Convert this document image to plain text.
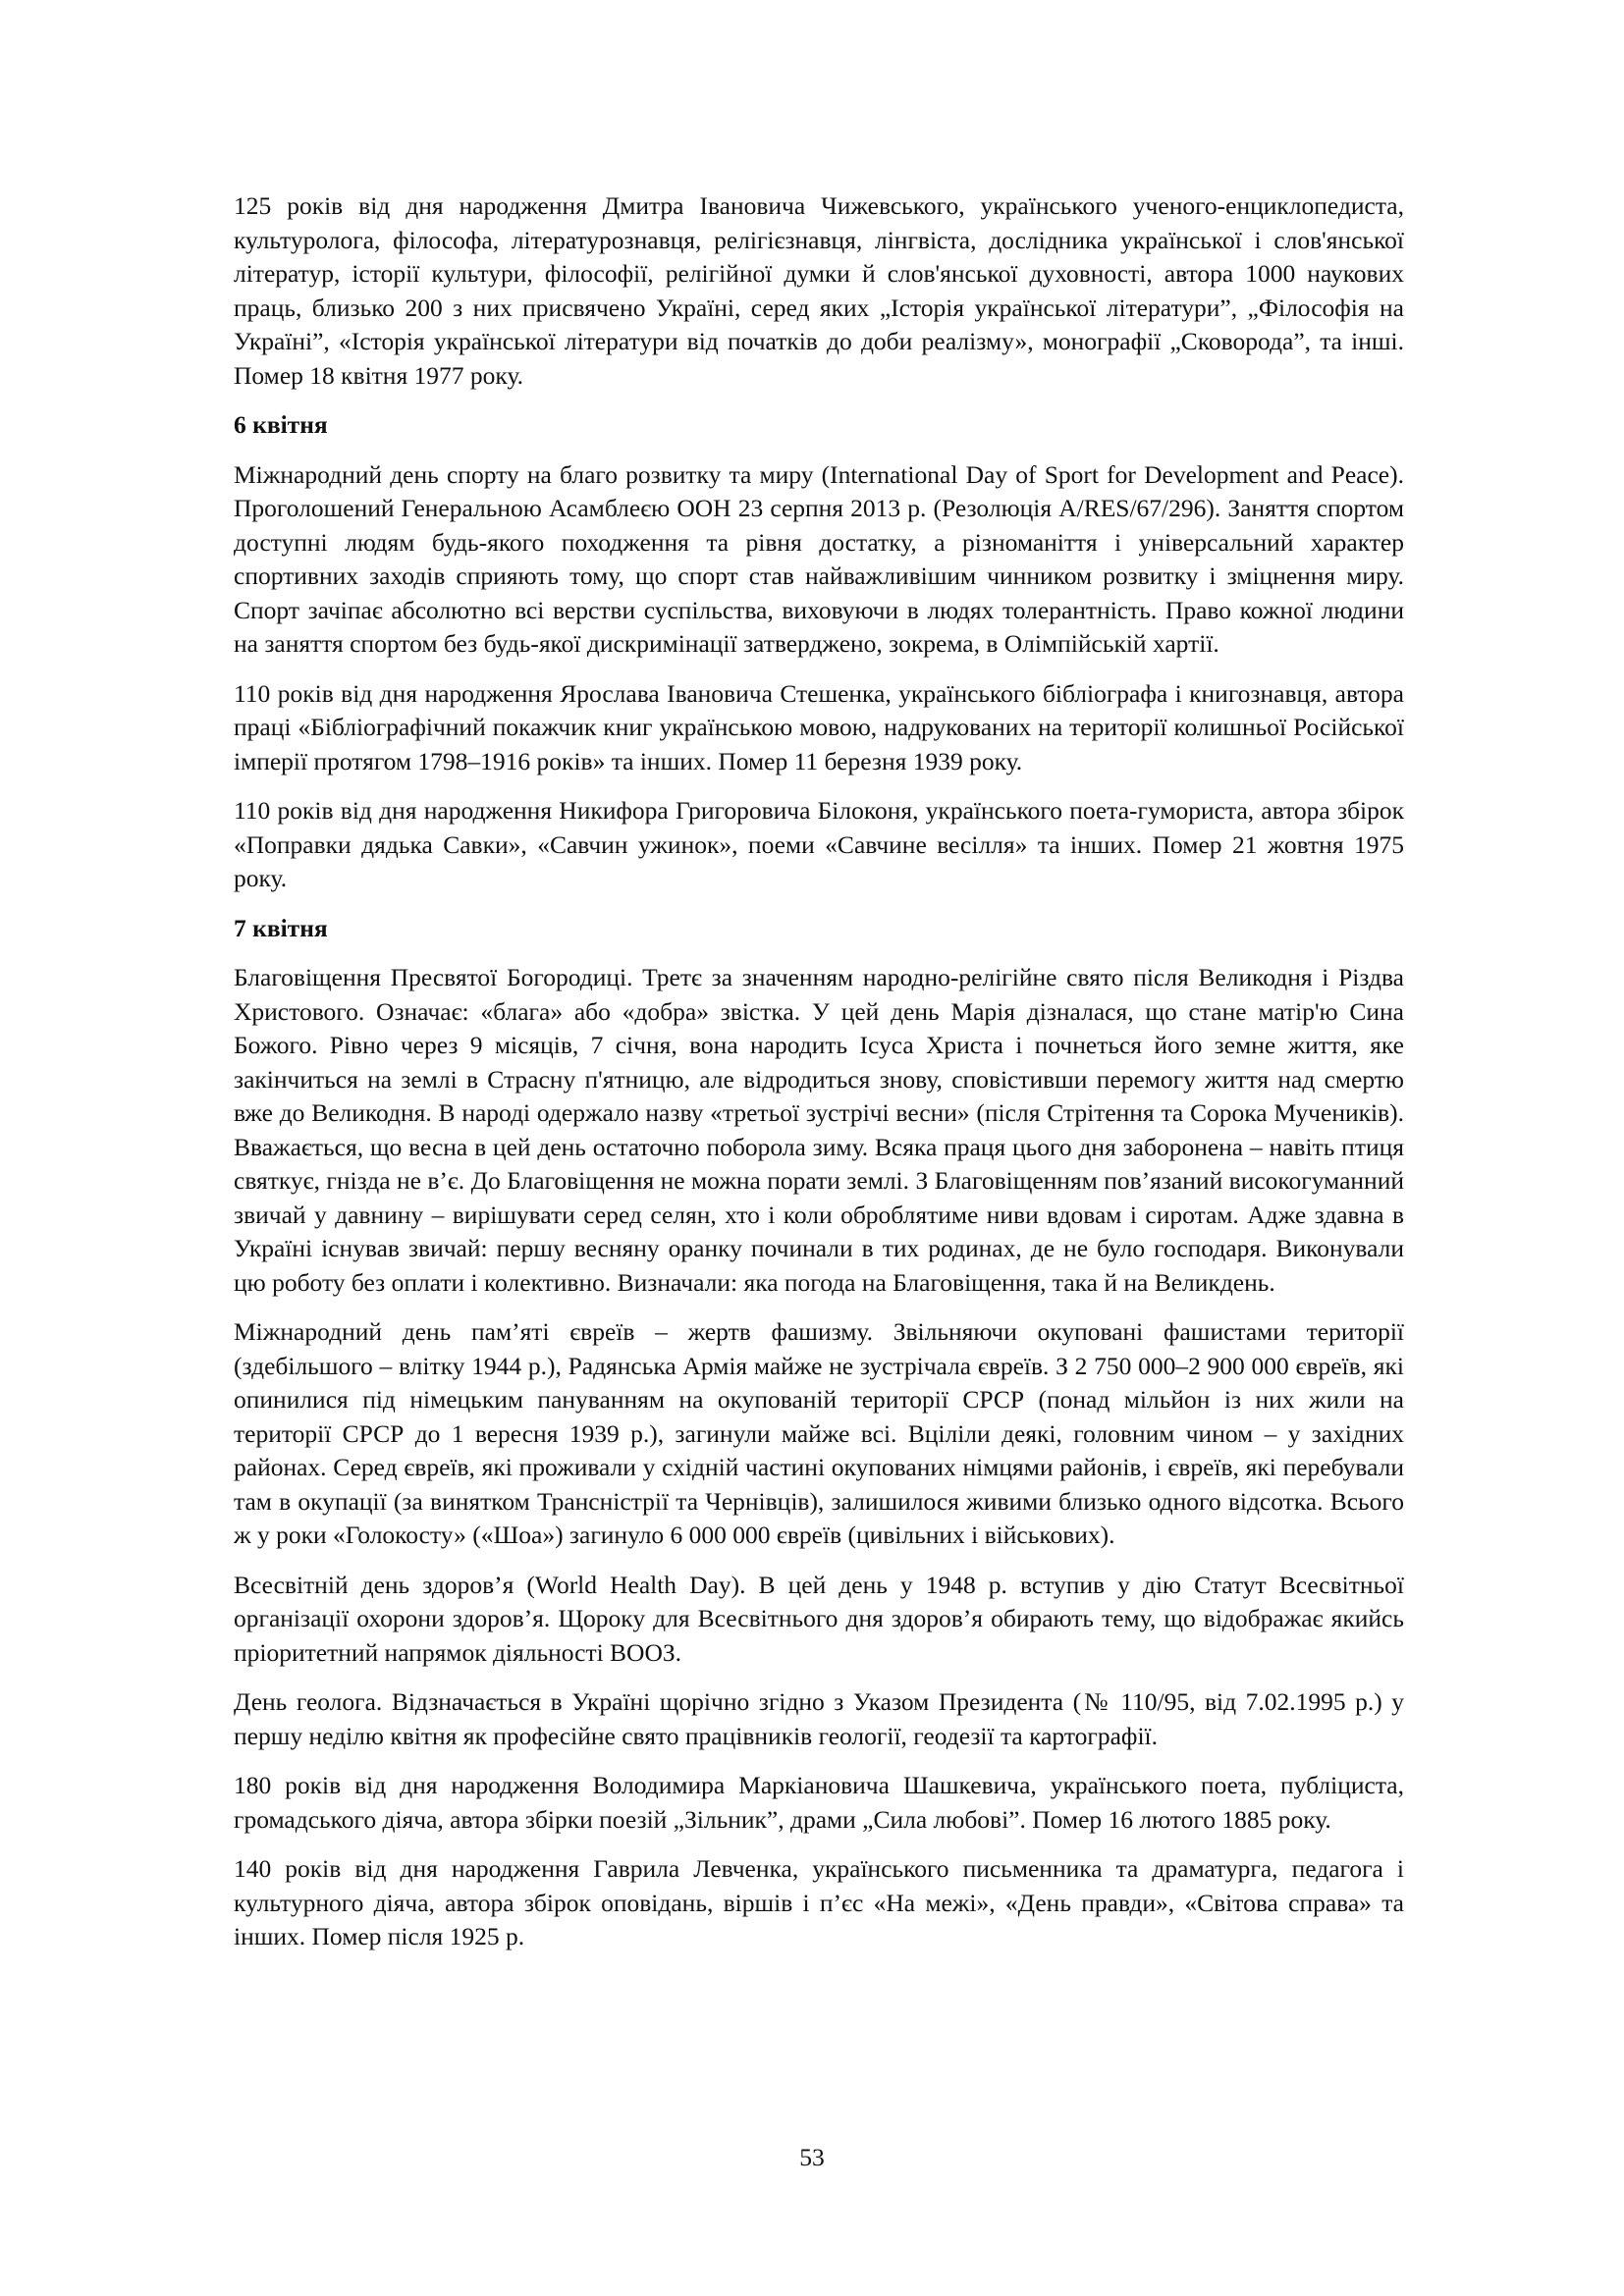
125 років від дня народження Дмитра Івановича Чижевського, українського ученого-енциклопедиста, культуролога, філософа, літературознавця, релігієзнавця, лінгвіста, дослідника української і слов'янської літератур, історії культури, філософії, релігійної думки й слов'янської духовності, автора 1000 наукових праць, близько 200 з них присвячено Україні, серед яких „Історія української літератури”, „Філософія на Україні”, «Історія української літератури від початків до доби реалізму», монографії „Сковорода”, та інші. Помер 18 квітня 1977 року.

6 квітня

Міжнародний день спорту на благо розвитку та миру (International Day of Sport for Development and Peace). Проголошений Генеральною Асамблеєю ООН 23 серпня 2013 р. (Резолюція A/RES/67/296). Заняття спортом доступні людям будь-якого походження та рівня достатку, а різноманіття і універсальний характер спортивних заходів сприяють тому, що спорт став найважливішим чинником розвитку і зміцнення миру. Спорт зачіпає абсолютно всі верстви суспільства, виховуючи в людях толерантність. Право кожної людини на заняття спортом без будь-якої дискримінації затверджено, зокрема, в Олімпійській хартії.

110 років від дня народження Ярослава Івановича Стешенка, українського бібліографа і книгознавця, автора праці «Бібліографічний покажчик книг українською мовою, надрукованих на території колишньої Російської імперії протягом 1798–1916 років» та інших. Помер 11 березня 1939 року.

110 років від дня народження Никифора Григоровича Білоконя, українського поета-гумориста, автора збірок «Поправки дядька Савки», «Савчин ужинок», поеми «Савчине весілля» та інших. Помер 21 жовтня 1975 року.

7 квітня

Благовіщення Пресвятої Богородиці. Третє за значенням народно-релігійне свято після Великодня і Різдва Христового. Означає: «блага» або «добра» звістка. У цей день Марія дізналася, що стане матір'ю Сина Божого. Рівно через 9 місяців, 7 січня, вона народить Ісуса Христа і почнеться його земне життя, яке закінчиться на землі в Страсну п'ятницю, але відродиться знову, сповістивши перемогу життя над смертю вже до Великодня. В народі одержало назву «третьої зустрічі весни» (після Стрітення та Сорока Мучеників). Вважається, що весна в цей день остаточно поборола зиму. Всяка праця цього дня заборонена – навіть птиця святкує, гнізда не в’є. До Благовіщення не можна порати землі. З Благовіщенням пов’язаний високогуманний звичай у давнину – вирішувати серед селян, хто і коли оброблятиме ниви вдовам і сиротам. Адже здавна в Україні існував звичай: першу весняну оранку починали в тих родинах, де не було господаря. Виконували цю роботу без оплати і колективно. Визначали: яка погода на Благовіщення, така й на Великдень.

Міжнародний день пам’яті євреїв – жертв фашизму. Звільняючи окуповані фашистами території (здебільшого – влітку 1944 р.), Радянська Армія майже не зустрічала євреїв. З 2 750 000–2 900 000 євреїв, які опинилися під німецьким пануванням на окупованій території СРСР (понад мільйон із них жили на території СРСР до 1 вересня 1939 р.), загинули майже всі. Вціліли деякі, головним чином – у західних районах. Серед євреїв, які проживали у східній частині окупованих німцями районів, і євреїв, які перебували там в окупації (за винятком Трансністрії та Чернівців), залишилося живими близько одного відсотка. Всього ж у роки «Голокосту» («Шоа») загинуло 6 000 000 євреїв (цивільних і військових).

Всесвітній день здоров’я (World Health Day). В цей день у 1948 р. вступив у дію Статут Всесвітньої організації охорони здоров’я. Щороку для Всесвітнього дня здоров’я обирають тему, що відображає якийсь пріоритетний напрямок діяльності ВООЗ.

День геолога. Відзначається в Україні щорічно згідно з Указом Президента (№ 110/95, від 7.02.1995 р.) у першу неділю квітня як професійне свято працівників геології, геодезії та картографії.

180 років від дня народження Володимира Маркіановича Шашкевича, українського поета, публіциста, громадського діяча, автора збірки поезій „Зільник”, драми „Сила любові”. Помер 16 лютого 1885 року.

140 років від дня народження Гаврила Левченка, українського письменника та драматурга, педагога і культурного діяча, автора збірок оповідань, віршів і п’єс «На межі», «День правди», «Світова справа» та інших. Помер після 1925 р.

53
